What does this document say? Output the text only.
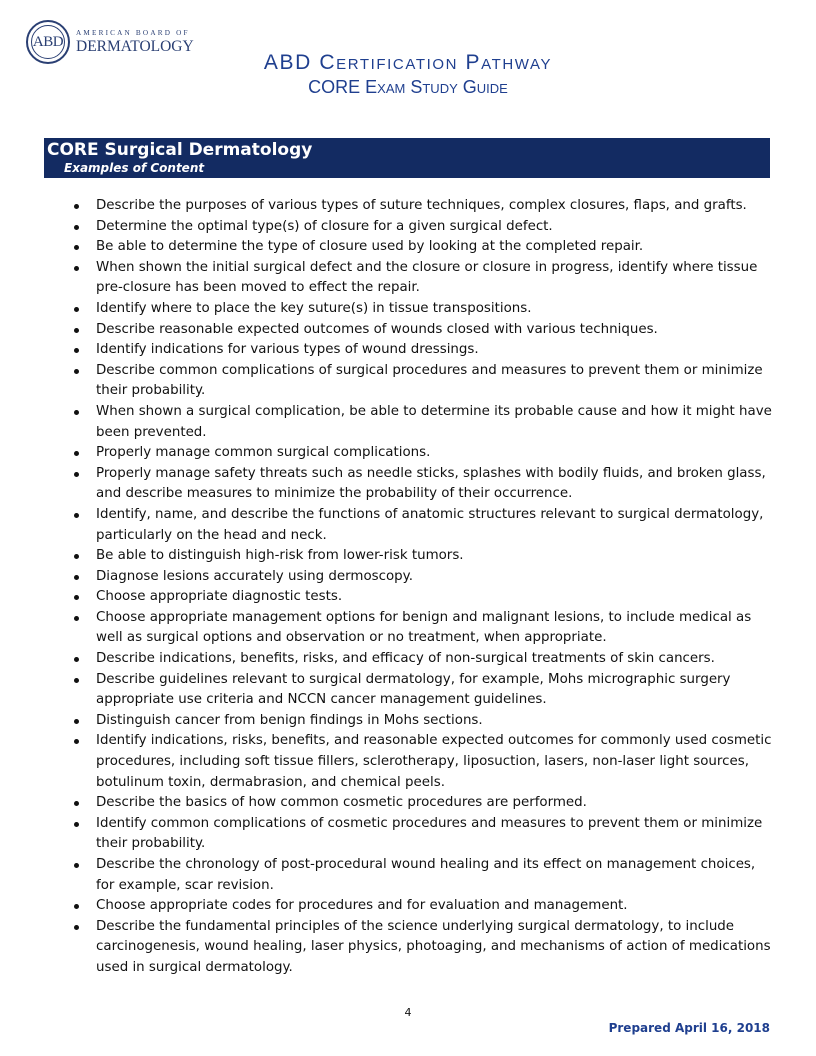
ABD
AMERICAN BOARD OF
DERMATOLOGY
ABD Certification Pathway
CORE Exam Study Guide
CORE Surgical Dermatology
Examples of Content
Describe the purposes of various types of suture techniques, complex closures, flaps, and grafts.
Determine the optimal type(s) of closure for a given surgical defect.
Be able to determine the type of closure used by looking at the completed repair.
When shown the initial surgical defect and the closure or closure in progress, identify where tissue pre-closure has been moved to effect the repair.
Identify where to place the key suture(s) in tissue transpositions.
Describe reasonable expected outcomes of wounds closed with various techniques.
Identify indications for various types of wound dressings.
Describe common complications of surgical procedures and measures to prevent them or minimize their probability.
When shown a surgical complication, be able to determine its probable cause and how it might have been prevented.
Properly manage common surgical complications.
Properly manage safety threats such as needle sticks, splashes with bodily fluids, and broken glass, and describe measures to minimize the probability of their occurrence.
Identify, name, and describe the functions of anatomic structures relevant to surgical dermatology, particularly on the head and neck.
Be able to distinguish high-risk from lower-risk tumors.
Diagnose lesions accurately using dermoscopy.
Choose appropriate diagnostic tests.
Choose appropriate management options for benign and malignant lesions, to include medical as well as surgical options and observation or no treatment, when appropriate.
Describe indications, benefits, risks, and efficacy of non-surgical treatments of skin cancers.
Describe guidelines relevant to surgical dermatology, for example, Mohs micrographic surgery appropriate use criteria and NCCN cancer management guidelines.
Distinguish cancer from benign findings in Mohs sections.
Identify indications, risks, benefits, and reasonable expected outcomes for commonly used cosmetic procedures, including soft tissue fillers, sclerotherapy, liposuction, lasers, non-laser light sources, botulinum toxin, dermabrasion, and chemical peels.
Describe the basics of how common cosmetic procedures are performed.
Identify common complications of cosmetic procedures and measures to prevent them or minimize their probability.
Describe the chronology of post-procedural wound healing and its effect on management choices, for example, scar revision.
Choose appropriate codes for procedures and for evaluation and management.
Describe the fundamental principles of the science underlying surgical dermatology, to include carcinogenesis, wound healing, laser physics, photoaging, and mechanisms of action of medications used in surgical dermatology.
4
Prepared April 16, 2018
